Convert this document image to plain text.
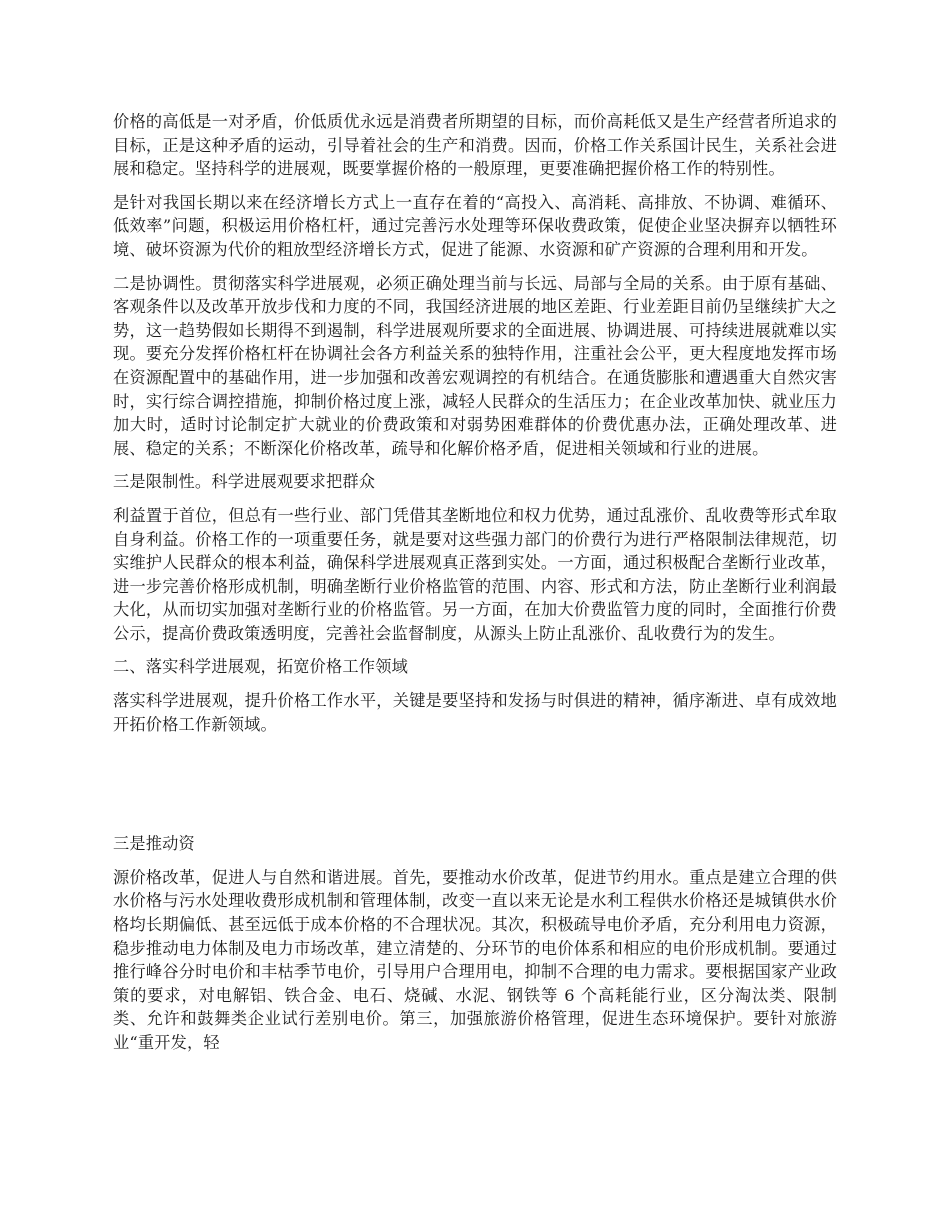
价格的高低是一对矛盾，价低质优永远是消费者所期望的目标，而价高耗低又是生产经营者所追求的目标，正是这种矛盾的运动，引导着社会的生产和消费。因而，价格工作关系国计民生，关系社会进展和稳定。坚持科学的进展观，既要掌握价格的一般原理，更要准确把握价格工作的特别性。

是针对我国长期以来在经济增长方式上一直存在着的“高投入、高消耗、高排放、不协调、难循环、低效率”问题，积极运用价格杠杆，通过完善污水处理等环保收费政策，促使企业坚决摒弃以牺牲环境、破坏资源为代价的粗放型经济增长方式，促进了能源、水资源和矿产资源的合理利用和开发。

二是协调性。贯彻落实科学进展观，必须正确处理当前与长远、局部与全局的关系。由于原有基础、客观条件以及改革开放步伐和力度的不同，我国经济进展的地区差距、行业差距目前仍呈继续扩大之势，这一趋势假如长期得不到遏制，科学进展观所要求的全面进展、协调进展、可持续进展就难以实现。要充分发挥价格杠杆在协调社会各方利益关系的独特作用，注重社会公平，更大程度地发挥市场在资源配置中的基础作用，进一步加强和改善宏观调控的有机结合。在通货膨胀和遭遇重大自然灾害时，实行综合调控措施，抑制价格过度上涨，减轻人民群众的生活压力；在企业改革加快、就业压力加大时，适时讨论制定扩大就业的价费政策和对弱势困难群体的价费优惠办法，正确处理改革、进展、稳定的关系；不断深化价格改革，疏导和化解价格矛盾，促进相关领域和行业的进展。

三是限制性。科学进展观要求把群众

利益置于首位，但总有一些行业、部门凭借其垄断地位和权力优势，通过乱涨价、乱收费等形式牟取自身利益。价格工作的一项重要任务，就是要对这些强力部门的价费行为进行严格限制法律规范，切实维护人民群众的根本利益，确保科学进展观真正落到实处。一方面，通过积极配合垄断行业改革，进一步完善价格形成机制，明确垄断行业价格监管的范围、内容、形式和方法，防止垄断行业利润最大化，从而切实加强对垄断行业的价格监管。另一方面，在加大价费监管力度的同时，全面推行价费公示，提高价费政策透明度，完善社会监督制度，从源头上防止乱涨价、乱收费行为的发生。

二、落实科学进展观，拓宽价格工作领域

落实科学进展观，提升价格工作水平，关键是要坚持和发扬与时俱进的精神，循序渐进、卓有成效地开拓价格工作新领域。

三是推动资

源价格改革，促进人与自然和谐进展。首先，要推动水价改革，促进节约用水。重点是建立合理的供水价格与污水处理收费形成机制和管理体制，改变一直以来无论是水利工程供水价格还是城镇供水价格均长期偏低、甚至远低于成本价格的不合理状况。其次，积极疏导电价矛盾，充分利用电力资源，稳步推动电力体制及电力市场改革，建立清楚的、分环节的电价体系和相应的电价形成机制。要通过推行峰谷分时电价和丰枯季节电价，引导用户合理用电，抑制不合理的电力需求。要根据国家产业政策的要求，对电解铝、铁合金、电石、烧碱、水泥、钢铁等 6 个高耗能行业，区分淘汰类、限制类、允许和鼓舞类企业试行差别电价。第三，加强旅游价格管理，促进生态环境保护。要针对旅游业“重开发，轻
